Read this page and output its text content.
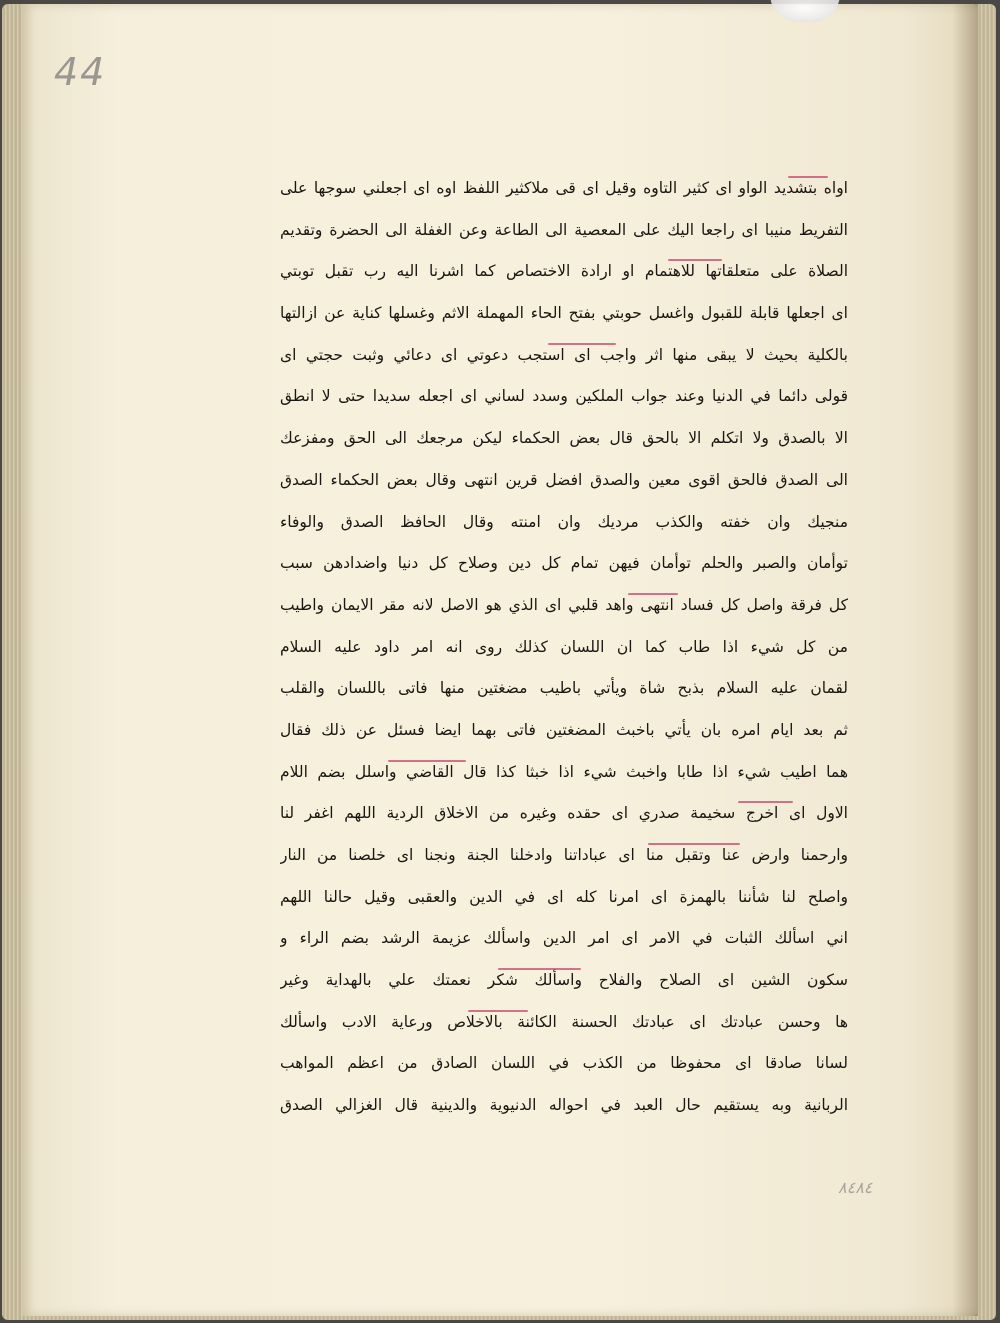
44
اواه بتشديد الواو اى كثير التاوه وقيل اى قى ملاكثير اللفظ اوه اى اجعلني سوجها على
التفريط منيبا اى راجعا اليك على المعصية الى الطاعة وعن الغفلة الى الحضرة وتقديم
الصلاة على متعلقاتها للاهتمام او ارادة الاختصاص كما اشرنا اليه رب تقبل توبتي
اى اجعلها قابلة للقبول واغسل حوبتي بفتح الحاء المهملة الاثم وغسلها كناية عن ازالتها
بالكلية بحيث لا يبقى منها اثر واجب اى استجب دعوتي اى دعائي وثبت حجتي اى
قولى دائما في الدنيا وعند جواب الملكين وسدد لساني اى اجعله سديدا حتى لا انطق
الا بالصدق ولا اتكلم الا بالحق قال بعض الحكماء ليكن مرجعك الى الحق ومفزعك
الى الصدق فالحق اقوى معين والصدق افضل قرين انتهى وقال بعض الحكماء الصدق
منجيك وان خفته والكذب مرديك وان امنته وقال الحافظ الصدق والوفاء
توأمان والصبر والحلم توأمان فيهن تمام كل دين وصلاح كل دنيا واضدادهن سبب
كل فرقة واصل كل فساد انتهى واهد قلبي اى الذي هو الاصل لانه مقر الايمان واطيب
من كل شيء اذا طاب كما ان اللسان كذلك روى انه امر داود عليه السلام
لقمان عليه السلام بذبح شاة ويأتي باطيب مضغتين منها فاتى باللسان والقلب
ثم بعد ايام امره بان يأتي باخبث المضغتين فاتى بهما ايضا فسئل عن ذلك فقال
هما اطيب شيء اذا طابا واخبث شيء اذا خبثا كذا قال القاضي واسلل بضم اللام
الاول اى اخرج سخيمة صدري اى حقده وغيره من الاخلاق الردية اللهم اغفر لنا
وارحمنا وارض عنا وتقبل منا اى عباداتنا وادخلنا الجنة ونجنا اى خلصنا من النار
واصلح لنا شأننا بالهمزة اى امرنا كله اى في الدين والعقبى وقيل حالنا اللهم
اني اسألك الثبات في الامر اى امر الدين واسألك عزيمة الرشد بضم الراء و
سكون الشين اى الصلاح والفلاح واسألك شكر نعمتك علي بالهداية وغير
ها وحسن عبادتك اى عبادتك الحسنة الكائنة بالاخلاص ورعاية الادب واسألك
لسانا صادقا اى محفوظا من الكذب في اللسان الصادق من اعظم المواهب
الربانية وبه يستقيم حال العبد في احواله الدنيوية والدينية قال الغزالي الصدق
٨٤٨٤
